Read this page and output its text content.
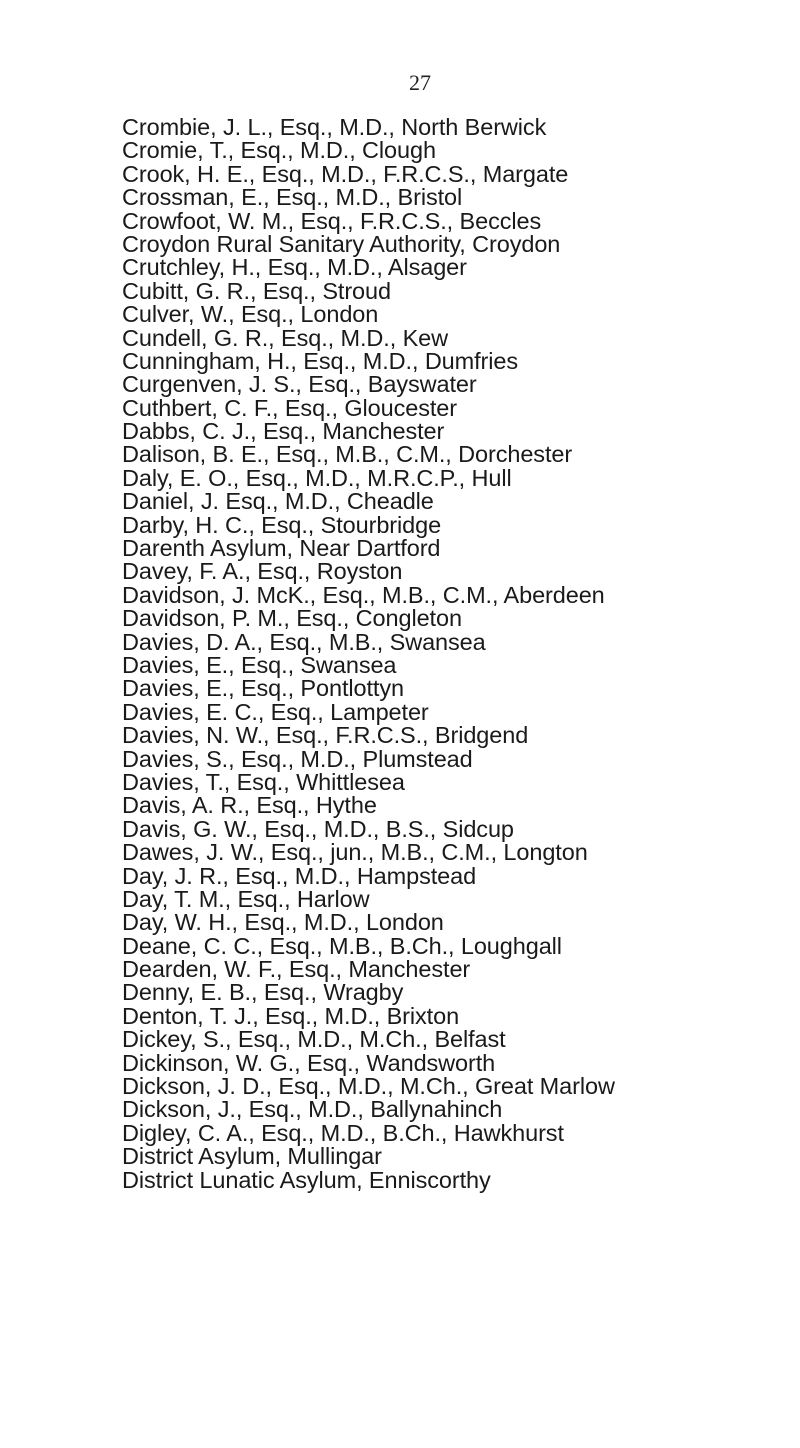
27
Crombie, J. L., Esq., M.D., North Berwick
Cromie, T., Esq., M.D., Clough
Crook, H. E., Esq., M.D., F.R.C.S., Margate
Crossman, E., Esq., M.D., Bristol
Crowfoot, W. M., Esq., F.R.C.S., Beccles
Croydon Rural Sanitary Authority, Croydon
Crutchley, H., Esq., M.D., Alsager
Cubitt, G. R., Esq., Stroud
Culver, W., Esq., London
Cundell, G. R., Esq., M.D., Kew
Cunningham, H., Esq., M.D., Dumfries
Curgenven, J. S., Esq., Bayswater
Cuthbert, C. F., Esq., Gloucester
Dabbs, C. J., Esq., Manchester
Dalison, B. E., Esq., M.B., C.M., Dorchester
Daly, E. O., Esq., M.D., M.R.C.P., Hull
Daniel, J. Esq., M.D., Cheadle
Darby, H. C., Esq., Stourbridge
Darenth Asylum, Near Dartford
Davey, F. A., Esq., Royston
Davidson, J. McK., Esq., M.B., C.M., Aberdeen
Davidson, P. M., Esq., Congleton
Davies, D. A., Esq., M.B., Swansea
Davies, E., Esq., Swansea
Davies, E., Esq., Pontlottyn
Davies, E. C., Esq., Lampeter
Davies, N. W., Esq., F.R.C.S., Bridgend
Davies, S., Esq., M.D., Plumstead
Davies, T., Esq., Whittlesea
Davis, A. R., Esq., Hythe
Davis, G. W., Esq., M.D., B.S., Sidcup
Dawes, J. W., Esq., jun., M.B., C.M., Longton
Day, J. R., Esq., M.D., Hampstead
Day, T. M., Esq., Harlow
Day, W. H., Esq., M.D., London
Deane, C. C., Esq., M.B., B.Ch., Loughgall
Dearden, W. F., Esq., Manchester
Denny, E. B., Esq., Wragby
Denton, T. J., Esq., M.D., Brixton
Dickey, S., Esq., M.D., M.Ch., Belfast
Dickinson, W. G., Esq., Wandsworth
Dickson, J. D., Esq., M.D., M.Ch., Great Marlow
Dickson, J., Esq., M.D., Ballynahinch
Digley, C. A., Esq., M.D., B.Ch., Hawkhurst
District Asylum, Mullingar
District Lunatic Asylum, Enniscorthy
